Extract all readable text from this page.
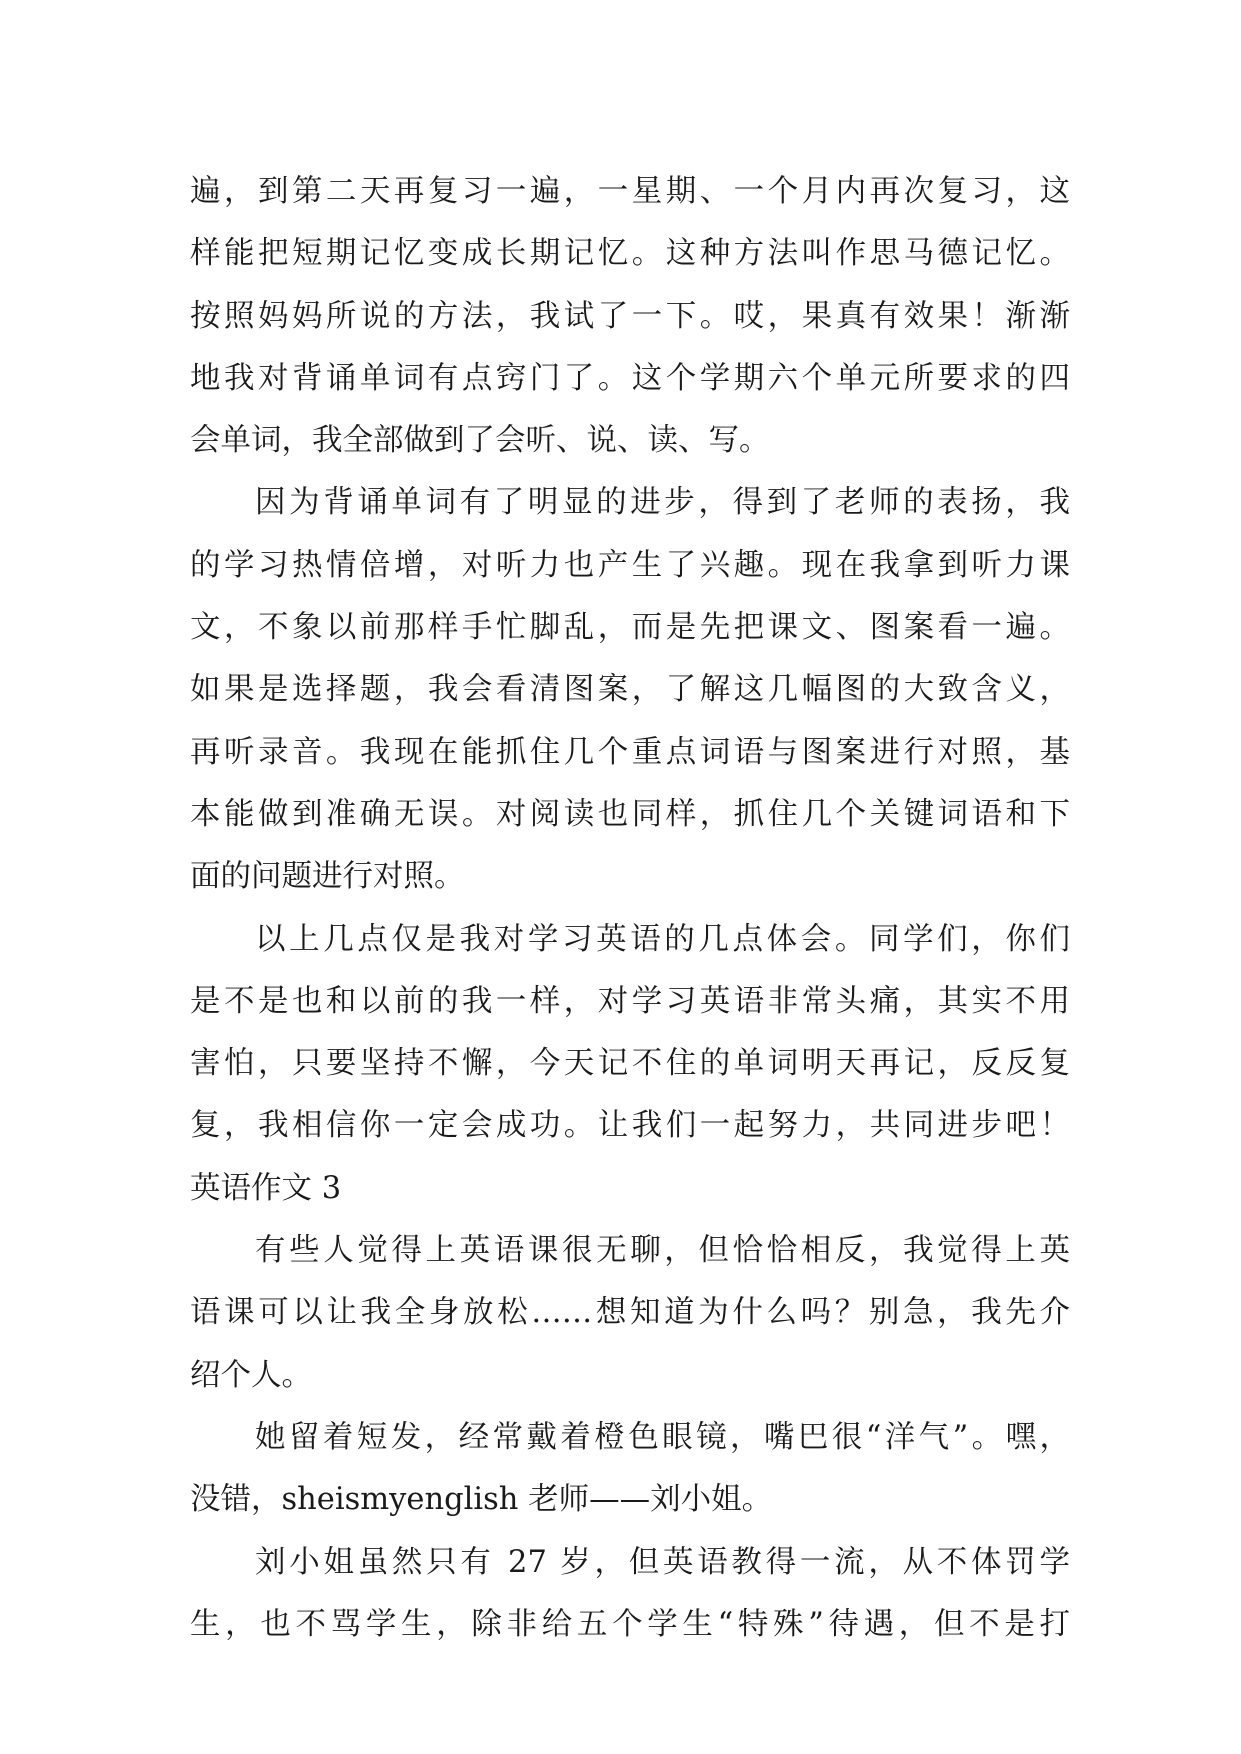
遍，到第二天再复习一遍，一星期、一个月内再次复习，这
样能把短期记忆变成长期记忆。这种方法叫作思马德记忆。
按照妈妈所说的方法，我试了一下。哎，果真有效果！渐渐
地我对背诵单词有点窍门了。这个学期六个单元所要求的四
会单词，我全部做到了会听、说、读、写。
因为背诵单词有了明显的进步，得到了老师的表扬，我
的学习热情倍增，对听力也产生了兴趣。现在我拿到听力课
文，不象以前那样手忙脚乱，而是先把课文、图案看一遍。
如果是选择题，我会看清图案，了解这几幅图的大致含义，
再听录音。我现在能抓住几个重点词语与图案进行对照，基
本能做到准确无误。对阅读也同样，抓住几个关键词语和下
面的问题进行对照。
以上几点仅是我对学习英语的几点体会。同学们，你们
是不是也和以前的我一样，对学习英语非常头痛，其实不用
害怕，只要坚持不懈，今天记不住的单词明天再记，反反复
复，我相信你一定会成功。让我们一起努力，共同进步吧！
英语作文 3
有些人觉得上英语课很无聊，但恰恰相反，我觉得上英
语课可以让我全身放松……想知道为什么吗？别急，我先介
绍个人。
她留着短发，经常戴着橙色眼镜，嘴巴很“洋气”。嘿，
没错，sheismyenglish 老师——刘小姐。
刘小姐虽然只有 27 岁，但英语教得一流，从不体罚学
生，也不骂学生，除非给五个学生“特殊”待遇，但不是打
